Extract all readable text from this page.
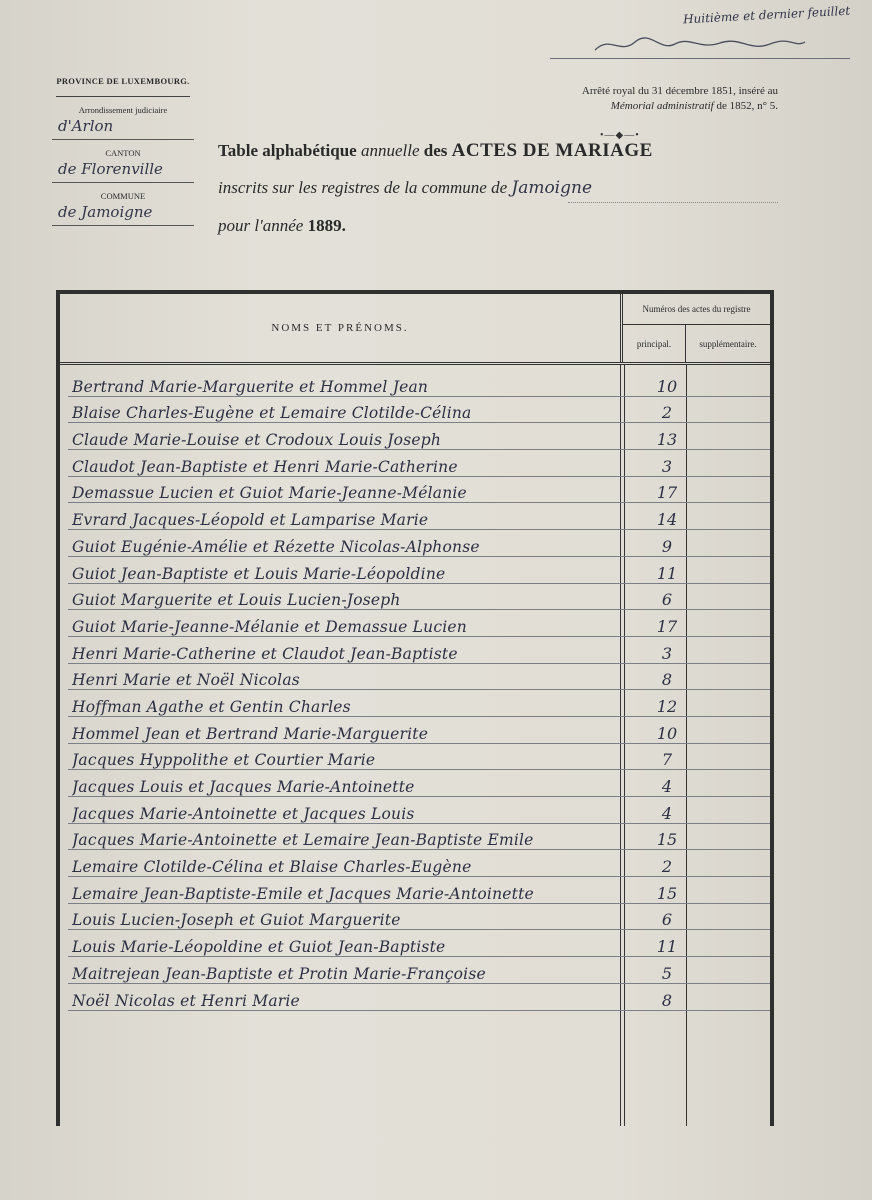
Huitième et dernier feuillet
PROVINCE DE LUXEMBOURG.
Arrondissement judiciaire
d'Arlon
CANTON
de Florenville
COMMUNE
de Jamoigne
Arrêté royal du 31 décembre 1851, inséré au
Mémorial administratif de 1852, n° 5.
•—◆—•
Table alphabétique annuelle des ACTES DE MARIAGE
inscrits sur les registres de la commune de Jamoigne
pour l'année 1889.
NOMS ET PRÉNOMS.
Numéros des actes du registre
principal.	supplémentaire.
Bertrand Marie-Marguerite et Hommel Jean	10
Blaise Charles-Eugène et Lemaire Clotilde-Célina	2
Claude Marie-Louise et Crodoux Louis Joseph	13
Claudot Jean-Baptiste et Henri Marie-Catherine	3
Demassue Lucien et Guiot Marie-Jeanne-Mélanie	17
Evrard Jacques-Léopold et Lamparise Marie	14
Guiot Eugénie-Amélie et Rézette Nicolas-Alphonse	9
Guiot Jean-Baptiste et Louis Marie-Léopoldine	11
Guiot Marguerite et Louis Lucien-Joseph	6
Guiot Marie-Jeanne-Mélanie et Demassue Lucien	17
Henri Marie-Catherine et Claudot Jean-Baptiste	3
Henri Marie et Noël Nicolas	8
Hoffman Agathe et Gentin Charles	12
Hommel Jean et Bertrand Marie-Marguerite	10
Jacques Hyppolithe et Courtier Marie	7
Jacques Louis et Jacques Marie-Antoinette	4
Jacques Marie-Antoinette et Jacques Louis	4
Jacques Marie-Antoinette et Lemaire Jean-Baptiste Emile	15
Lemaire Clotilde-Célina et Blaise Charles-Eugène	2
Lemaire Jean-Baptiste-Emile et Jacques Marie-Antoinette	15
Louis Lucien-Joseph et Guiot Marguerite	6
Louis Marie-Léopoldine et Guiot Jean-Baptiste	11
Maitrejean Jean-Baptiste et Protin Marie-Françoise	5
Noël Nicolas et Henri Marie	8
